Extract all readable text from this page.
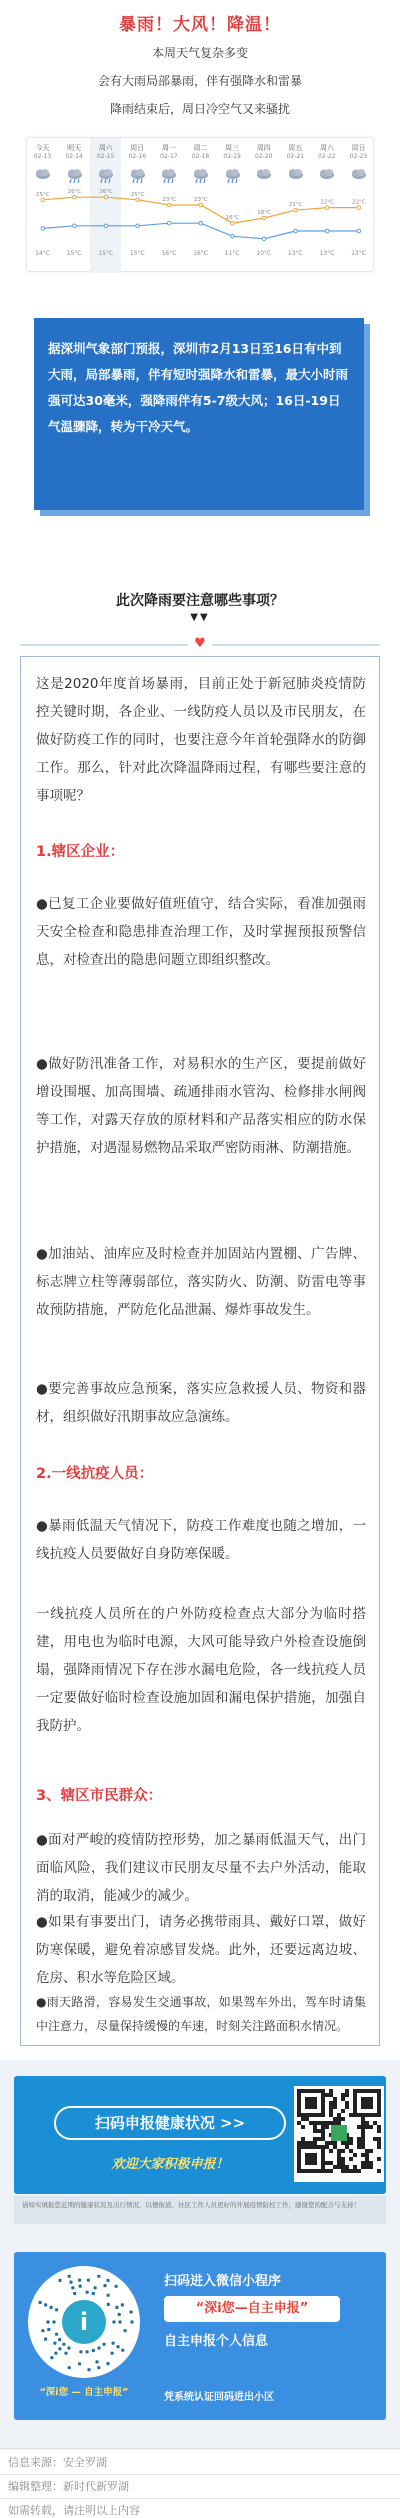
暴雨！大风！降温！
本周天气复杂多变
会有大雨局部暴雨，伴有强降水和雷暴
降雨结束后，周日冷空气又来骚扰
周日
02-23
13°C
周六
02-22
13°C
周五
02-21
13°C
周四
02-20
10°C
周三
02-19
11°C
周二
02-18
16°C
周一
02-17
16°C
周日
02-16
15°C
周六
02-15
15°C
明天
02-14
15°C
今天
02-13
14°C
25°C	26°C	26°C	25°C
23°C	23°C
16°C
18°C
21°C	22°C	22°C
据深圳气象部门预报，深圳市2月13日至16日有中到大雨，局部暴雨，伴有短时强降水和雷暴，最大小时雨强可达30毫米，强降雨伴有5-7级大风；16日-19日气温骤降，转为干冷天气。
此次降雨要注意哪些事项？
▼▼
♥
这是2020年度首场暴雨，目前正处于新冠肺炎疫情防控关键时期，各企业、一线防疫人员以及市民朋友，在做好防疫工作的同时，也要注意今年首轮强降水的防御工作。那么，针对此次降温降雨过程，有哪些要注意的事项呢？
1.辖区企业：
●已复工企业要做好值班值守，结合实际，看准加强雨天安全检查和隐患排查治理工作，及时掌握预报预警信息，对检查出的隐患问题立即组织整改。
●做好防汛准备工作，对易积水的生产区，要提前做好增设围堰、加高围墙、疏通排雨水管沟、检修排水闸阀等工作，对露天存放的原材料和产品落实相应的防水保护措施，对遇湿易燃物品采取严密防雨淋、防潮措施。
●加油站、油库应及时检查并加固站内置棚、广告牌、标志牌立柱等薄弱部位，落实防火、防潮、防雷电等事故预防措施，严防危化品泄漏、爆炸事故发生。
●要完善事故应急预案，落实应急救援人员、物资和器材，组织做好汛期事故应急演练。
2.一线抗疫人员：
●暴雨低温天气情况下，防疫工作难度也随之增加，一线抗疫人员要做好自身防寒保暖。
一线抗疫人员所在的户外防疫检查点大部分为临时搭建，用电也为临时电源，大风可能导致户外检查设施倒塌，强降雨情况下存在涉水漏电危险，各一线抗疫人员一定要做好临时检查设施加固和漏电保护措施，加强自我防护。
3、辖区市民群众：
●面对严峻的疫情防控形势，加之暴雨低温天气，出门面临风险，我们建议市民朋友尽量不去户外活动，能取消的取消，能减少的减少。
●如果有事要出门，请务必携带雨具、戴好口罩，做好防寒保暖，避免着凉感冒发烧。此外，还要远离边坡、危房、积水等危险区域。
●雨天路滑，容易发生交通事故，如果驾车外出，驾车时请集中注意力，尽量保持缓慢的车速，时刻关注路面积水情况。
扫码申报健康状况 >>
欢迎大家积极申报！
请如实填报您近期的健康状况及出行情况，以便街道、社区工作人员更好的开展疫情防控工作，感谢您的配合与支持！
i
“深i您 — 自主申报”
扫码进入微信小程序
“深i您—自主申报”
自主申报个人信息
凭系统认证回码进出小区
信息来源：安全罗湖
编辑整理：新时代新罗湖
如需转载，请注明以上内容
